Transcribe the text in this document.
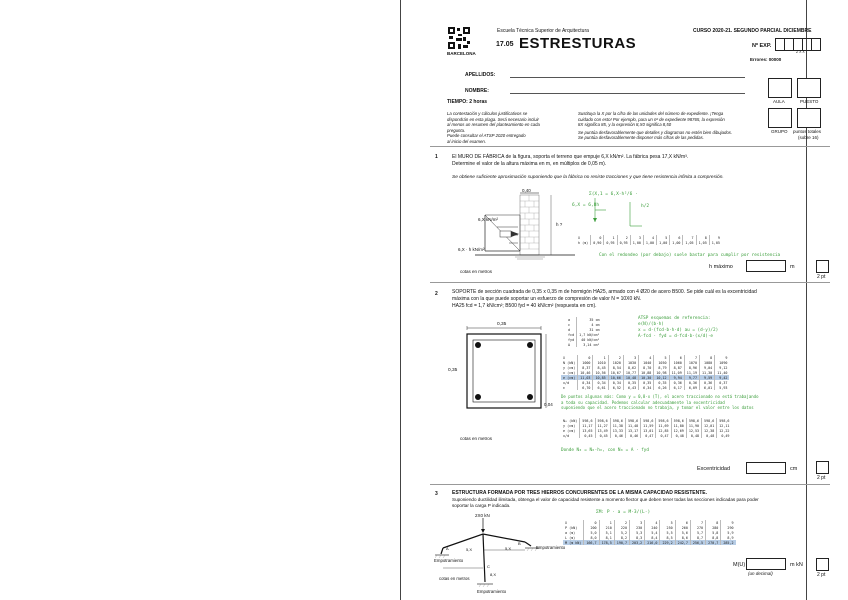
BARCELONA
Escuela Técnica Superior de Arquitectura
17.05 ESTRESTURAS
CURSO 2020-21. SEGUNDO PARCIAL DICIEMBRE
Nº EXP.
Z X X
Errores: 00000
APELLIDOS:
NOMBRE:
TIEMPO: 2 horas	AULA	PUESTO
GRUPO puntos totales
(sobre 16)
La contestación y cálculos justificativos se
dispondrán en esta plaga. Será necesario incluir
al menos un resumen del planteamiento en cada
pregunta.
Puede consultar el ATSP 2020 entregado
al inicio del examen.
Sustituya la X por la cifra de las unidades del número de expediente. ¡Tenga
cuidado con esto! Por ejemplo, para un nº de expediente 98765, la expresión
8X significa 85, y la expresión 8,X0 significa 8,50
Se puntúa desfavorablemente que detalles y diagramas no estén bien dibujados.
Se puntúa desfavorablemente disponer más cifras de las pedidas.
1	El MURO DE FÁBRICA de la figura, soporta el terreno que empuje 6,X kN/m². La fábrica pesa 17,X kN/m³.
Determine el valor de la altura máxima en m, en múltiplos de 0,05 m).
Se obtiene suficiente aproximación suponiendo que la fábrica no resiste tracciones y que tiene resistencia infinita a compresión.
0,40
6,X kN/m²
6,X · h kN/m²
h ?
cotas en metros
Σ(X,1 = 6,X·h²/6 ·
6,X = 6,8h	h/2
X	0	1	2	3	4	5	6	7	8	9
h (m)	0,90	0,95	0,95	1,00	1,00	1,00	1,00	1,05	1,05	1,05
Con el redondeo (por debajo) suele bastar para cumplir por resistencia
h máximo	m
2 pt
2	SOPORTE de sección cuadrada de 0,35 x 0,35 m de hormigón HA25, armado con 4 Ø20 de acero B500. Se pide cuál es la excentricidad
máxima con la que puede soportar un esfuerzo de compresión de valor N = 10X0 kN.
HA25 fcd = 1,7 kN/cm²; B500 fyd = 40 kN/cm² (respuesta en cm).
0,35
0,35
0,04
cotas en metros
a	35 cm
c	4 cm
d	31 cm
fcd	1,7 kN/cm²
fyd	40 kN/cm²
A	3,14 cm²
ATSP esquemas de referencia:
e(N)/(b·h)
x = d·(fcd·b·h·d) au = (d-y)/2)
A·fcd · fyd = d·fcd·b·(x/d)·e
X	0	1	2	3	4	5	6	7	8	9
N (kN)	1000	1010	1020	1030	1040	1050	1060	1070	1080	1090
y (cm)	8,37	8,45	8,54	8,62	8,70	8,79	8,87	8,96	9,04	9,12
x (cm)	10,46	10,56	10,67	10,77	10,88	10,98	11,09	11,19	11,30	11,40
e (cm)	11,03	10,85	10,66	10,48	10,30	10,12	9,94	9,77	9,59	9,42
x/d	0,34	0,34	0,34	0,35	0,35	0,35	0,36	0,36	0,36	0,37
ε	6,70	6,61	6,52	6,43	6,34	6,26	6,17	6,09	6,01	5,93
De puntos algunas más: Como y = 0,8·x (T), el acero traccionado no está trabajando
a toda su capacidad. Podemos calcular adecuadamente la excentricidad
suponiendo que el acero traccionado no trabaja, y tomar el valor entre los datos
N₀ (kN)	598,6	598,6	598,6	598,6	598,6	598,6	598,6	598,6	598,6	598,6
y (cm)	11,17	11,27	11,38	11,48	11,59	11,69	11,80	11,90	12,01	12,11
e (cm)	13,65	13,49	13,33	13,17	13,01	12,85	12,69	12,53	12,38	12,22
x/d	0,45	0,45	0,46	0,46	0,47	0,47	0,48	0,48	0,48	0,49
Donde N₀ = N₀·h₀, con N₀ = A · fyd
Excentricidad	cm
2 pt
3	ESTRUCTURA FORMADA POR TRES HIERROS CONCURRENTES DE LA MISMA CAPACIDAD RESISTENTE.
Suponiendo ductilidad ilimitada, obtenga el valor de capacidad resistente a momento flector que deben tener todas las secciones indicadas para poder
soportar la carga P indicada.
2X0 kN
A
B
C
5,X	5,X
8,X
Empotramiento
Empotramiento
Empotramiento
cotas en metros
ΣM: P · a = M·3/(L·)
X	0	1	2	3	4	5	6	7	8	9
P (kN)	200	210	220	230	240	250	260	270	280	290
a (m)	5,0	5,1	5,2	5,3	5,4	5,5	5,6	5,7	5,8	5,9
L (m)	8,0	8,1	8,2	8,3	8,4	8,5	8,6	8,7	8,8	8,9
M (m kN)	166,7	178,5	190,7	203,2	216,0	229,2	242,7	256,5	270,7	285,2
M(U)	m kN
(un decimal)	2 pt
